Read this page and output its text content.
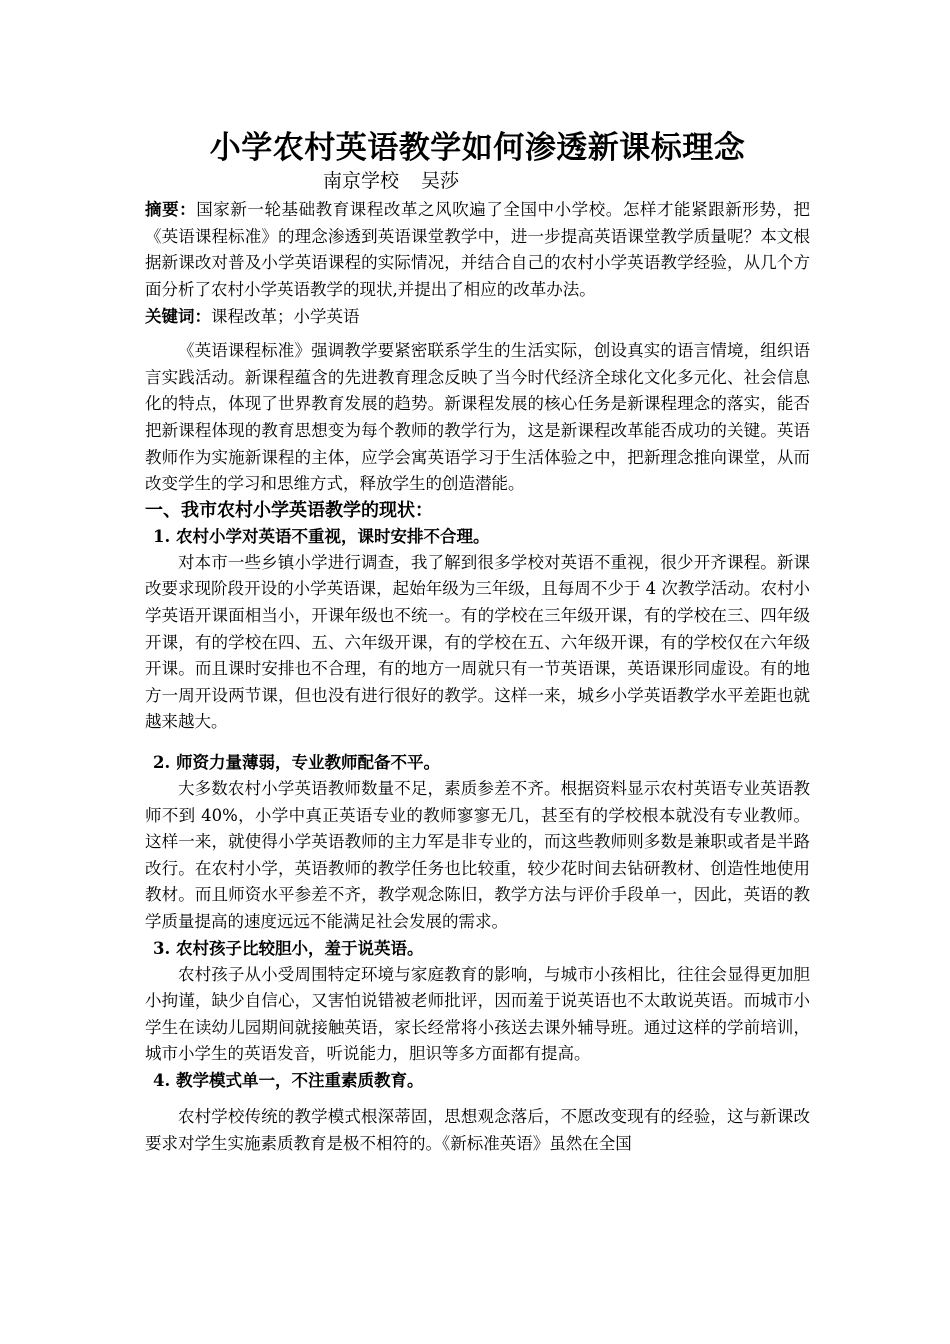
小学农村英语教学如何渗透新课标理念
南京学校 吴莎

摘要：国家新一轮基础教育课程改革之风吹遍了全国中小学校。怎样才能紧跟新形势，把《英语课程标准》的理念渗透到英语课堂教学中，进一步提高英语课堂教学质量呢？本文根据新课改对普及小学英语课程的实际情况，并结合自己的农村小学英语教学经验，从几个方面分析了农村小学英语教学的现状,并提出了相应的改革办法。

关键词：课程改革；小学英语

《英语课程标准》强调教学要紧密联系学生的生活实际，创设真实的语言情境，组织语言实践活动。新课程蕴含的先进教育理念反映了当今时代经济全球化文化多元化、社会信息化的特点，体现了世界教育发展的趋势。新课程发展的核心任务是新课程理念的落实，能否把新课程体现的教育思想变为每个教师的教学行为，这是新课程改革能否成功的关键。英语教师作为实施新课程的主体，应学会寓英语学习于生活体验之中，把新理念推向课堂，从而改变学生的学习和思维方式，释放学生的创造潜能。

一、我市农村小学英语教学的现状：
1. 农村小学对英语不重视，课时安排不合理。

对本市一些乡镇小学进行调查，我了解到很多学校对英语不重视，很少开齐课程。新课改要求现阶段开设的小学英语课，起始年级为三年级，且每周不少于 4 次教学活动。农村小学英语开课面相当小，开课年级也不统一。有的学校在三年级开课，有的学校在三、四年级开课，有的学校在四、五、六年级开课，有的学校在五、六年级开课，有的学校仅在六年级开课。而且课时安排也不合理，有的地方一周就只有一节英语课，英语课形同虚设。有的地方一周开设两节课，但也没有进行很好的教学。这样一来，城乡小学英语教学水平差距也就越来越大。

2. 师资力量薄弱，专业教师配备不平。

大多数农村小学英语教师数量不足，素质参差不齐。根据资料显示农村英语专业英语教师不到 40%，小学中真正英语专业的教师寥寥无几，甚至有的学校根本就没有专业教师。这样一来，就使得小学英语教师的主力军是非专业的，而这些教师则多数是兼职或者是半路改行。在农村小学，英语教师的教学任务也比较重，较少花时间去钻研教材、创造性地使用教材。而且师资水平参差不齐，教学观念陈旧，教学方法与评价手段单一，因此，英语的教学质量提高的速度远远不能满足社会发展的需求。

3. 农村孩子比较胆小，羞于说英语。

农村孩子从小受周围特定环境与家庭教育的影响，与城市小孩相比，往往会显得更加胆小拘谨，缺少自信心，又害怕说错被老师批评，因而羞于说英语也不太敢说英语。而城市小学生在读幼儿园期间就接触英语，家长经常将小孩送去课外辅导班。通过这样的学前培训，城市小学生的英语发音，听说能力，胆识等多方面都有提高。

4. 教学模式单一，不注重素质教育。

农村学校传统的教学模式根深蒂固，思想观念落后，不愿改变现有的经验，这与新课改要求对学生实施素质教育是极不相符的。《新标准英语》虽然在全国
